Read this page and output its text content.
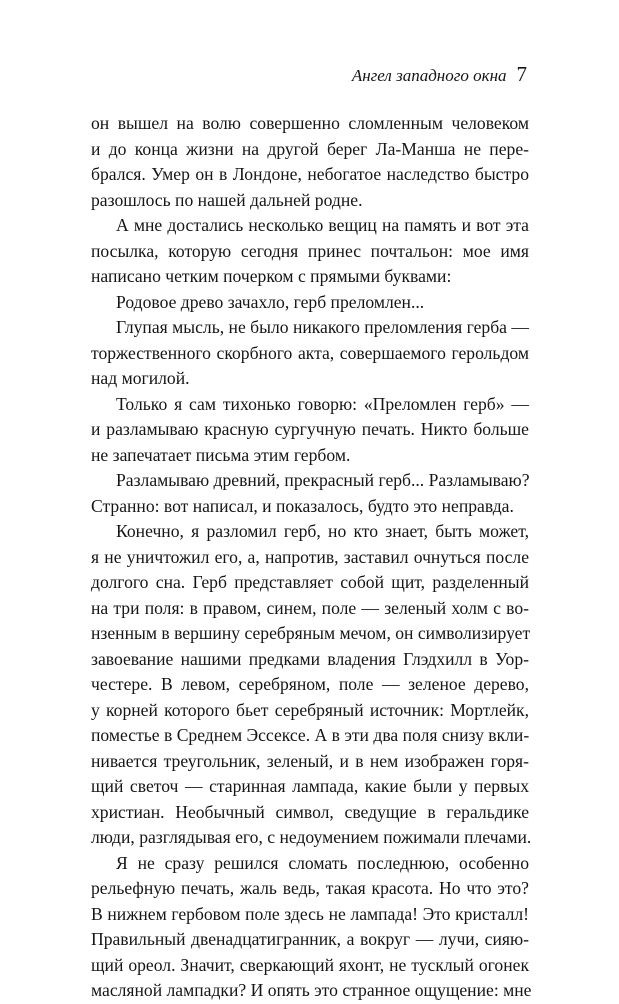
Ангел западного окна 7
он вышел на волю совершенно сломленным человеком
и до конца жизни на другой берег Ла-Манша не пере-
брался. Умер он в Лондоне, небогатое наследство быстро
разошлось по нашей дальней родне.
А мне достались несколько вещиц на память и вот эта
посылка, которую сегодня принес почтальон: мое имя
написано четким почерком с прямыми буквами:
Родовое древо зачахло, герб преломлен...
Глупая мысль, не было никакого преломления герба —
торжественного скорбного акта, совершаемого герольдом
над могилой.
Только я сам тихонько говорю: «Преломлен герб» —
и разламываю красную сургучную печать. Никто больше
не запечатает письма этим гербом.
Разламываю древний, прекрасный герб... Разламываю?
Странно: вот написал, и показалось, будто это неправда.
Конечно, я разломил герб, но кто знает, быть может,
я не уничтожил его, а, напротив, заставил очнуться после
долгого сна. Герб представляет собой щит, разделенный
на три поля: в правом, синем, поле — зеленый холм с во-
нзенным в вершину серебряным мечом, он символизирует
завоевание нашими предками владения Глэдхилл в Уор-
честере. В левом, серебряном, поле — зеленое дерево,
у корней которого бьет серебряный источник: Мортлейк,
поместье в Среднем Эссексе. А в эти два поля снизу вкли-
нивается треугольник, зеленый, и в нем изображен горя-
щий светоч — старинная лампада, какие были у первых
христиан. Необычный символ, сведущие в геральдике
люди, разглядывая его, с недоумением пожимали плечами.
Я не сразу решился сломать последнюю, особенно
рельефную печать, жаль ведь, такая красота. Но что это?
В нижнем гербовом поле здесь не лампада! Это кристалл!
Правильный двенадцатигранник, а вокруг — лучи, сияю-
щий ореол. Значит, сверкающий яхонт, не тусклый огонек
масляной лампадки? И опять это странное ощущение: мне
